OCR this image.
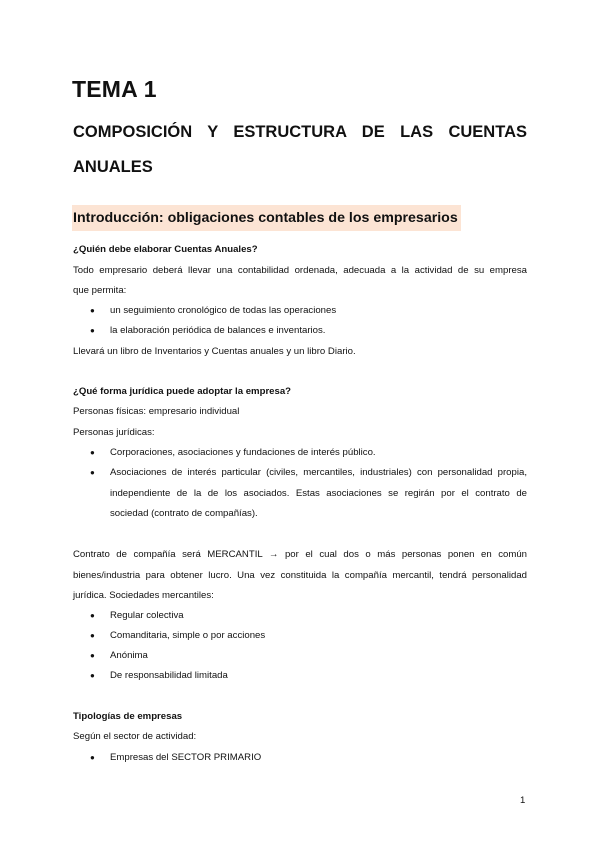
TEMA 1
COMPOSICIÓN Y ESTRUCTURA DE LAS CUENTAS
ANUALES
Introducción: obligaciones contables de los empresarios
¿Quién debe elaborar Cuentas Anuales?
Todo empresario deberá llevar una contabilidad ordenada, adecuada a la actividad de su empresa
que permita:
● un seguimiento cronológico de todas las operaciones
● la elaboración periódica de balances e inventarios.
Llevará un libro de Inventarios y Cuentas anuales y un libro Diario.
¿Qué forma jurídica puede adoptar la empresa?
Personas físicas: empresario individual
Personas jurídicas:
● Corporaciones, asociaciones y fundaciones de interés público.
● Asociaciones de interés particular (civiles, mercantiles, industriales) con personalidad propia,
independiente de la de los asociados. Estas asociaciones se regirán por el contrato de
sociedad (contrato de compañías).
Contrato de compañía será MERCANTIL → por el cual dos o más personas ponen en común
bienes/industria para obtener lucro. Una vez constituida la compañía mercantil, tendrá personalidad
jurídica. Sociedades mercantiles:
● Regular colectiva
● Comanditaria, simple o por acciones
● Anónima
● De responsabilidad limitada
Tipologías de empresas
Según el sector de actividad:
● Empresas del SECTOR PRIMARIO
1
